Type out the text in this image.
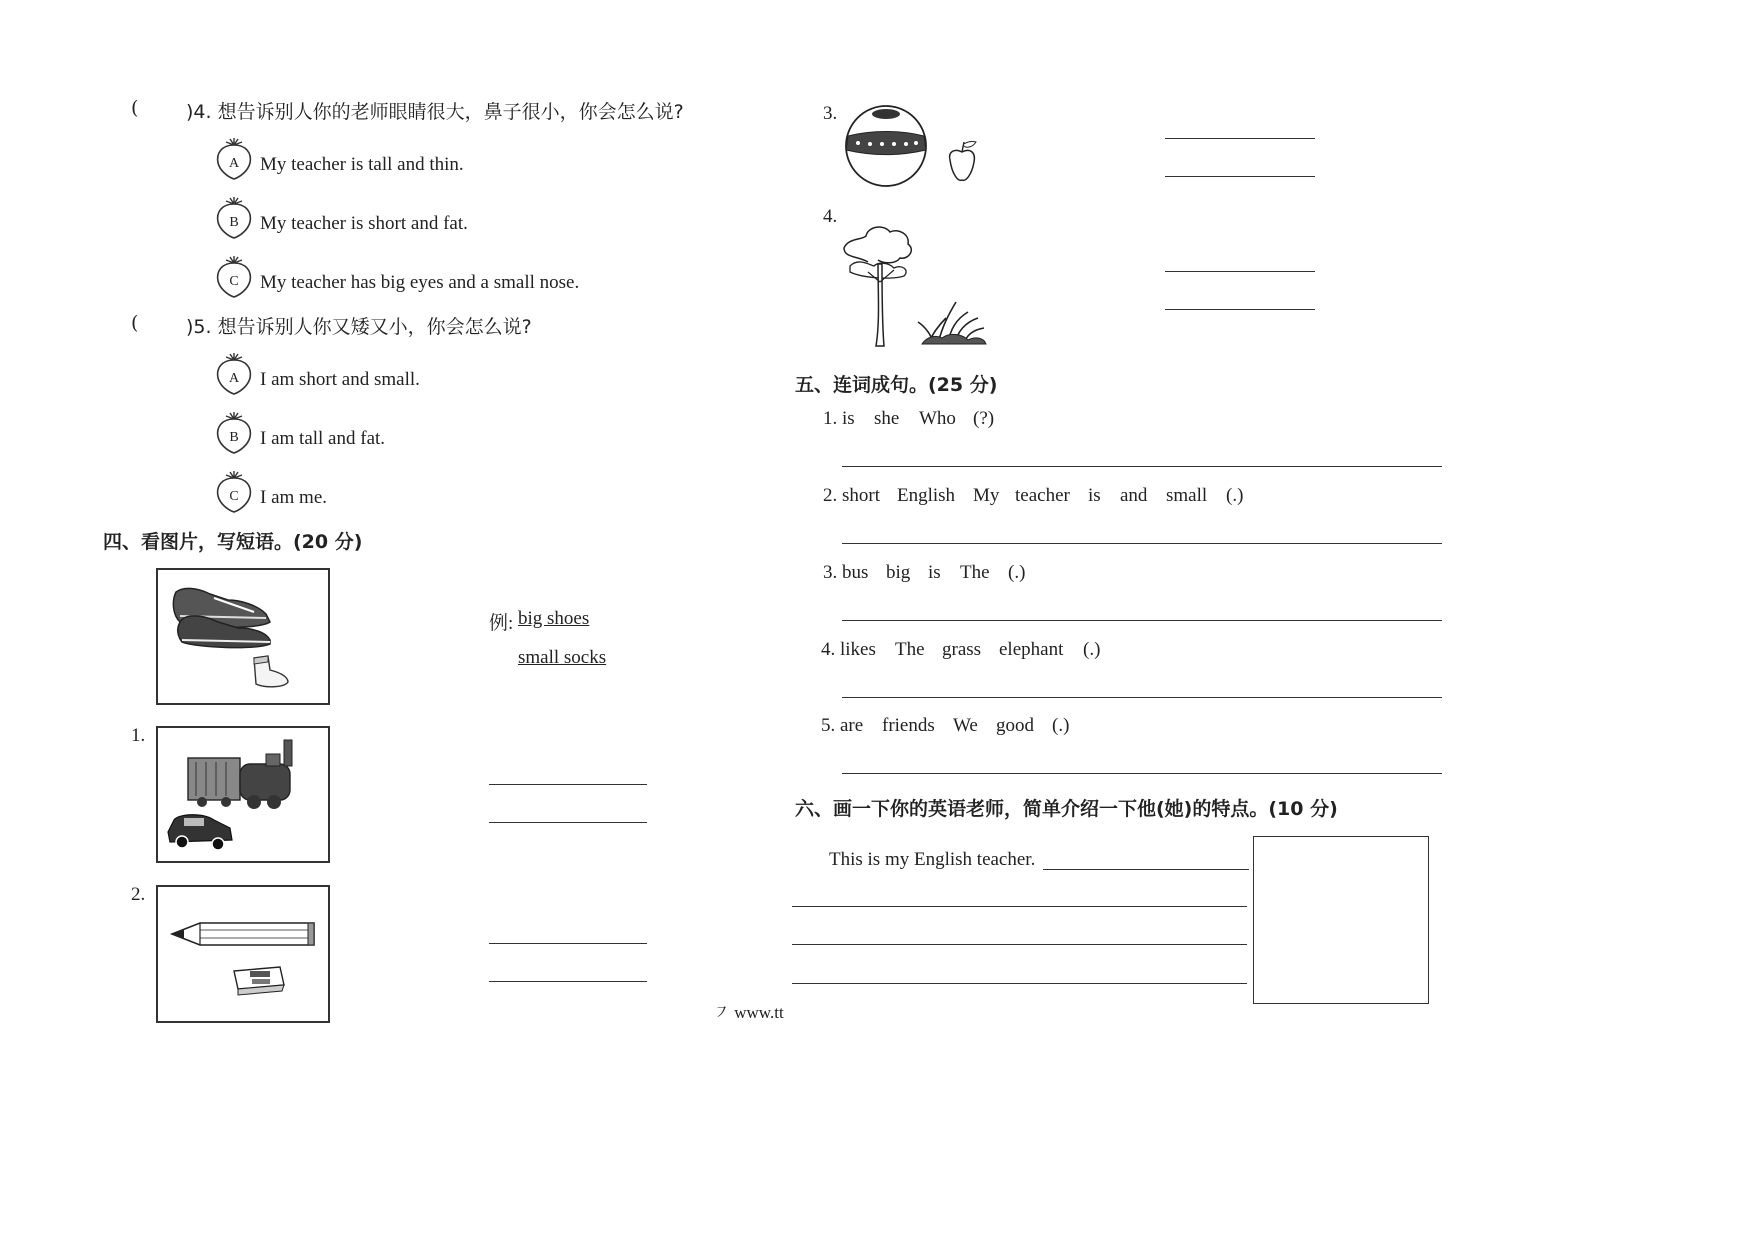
(	)4. 想告诉别人你的老师眼睛很大，鼻子很小，你会怎么说?
A My teacher is tall and thin.
B My teacher is short and fat.
C My teacher has big eyes and a small nose.
(	)5. 想告诉别人你又矮又小，你会怎么说?
A I am short and small.
B I am tall and fat.
C I am me.
四、看图片，写短语。(20 分)
例: big shoes
small socks
1.
2.
3.
4.
五、连词成句。(25 分)
1. is she Who (?)
2. short English My teacher is and small (.)
3. bus big is The (.)
4. likes The grass elephant (.)
5. are friends We good (.)
六、画一下你的英语老师，简单介绍一下他(她)的特点。(10 分)
This is my English teacher.
㇇ www.tt
